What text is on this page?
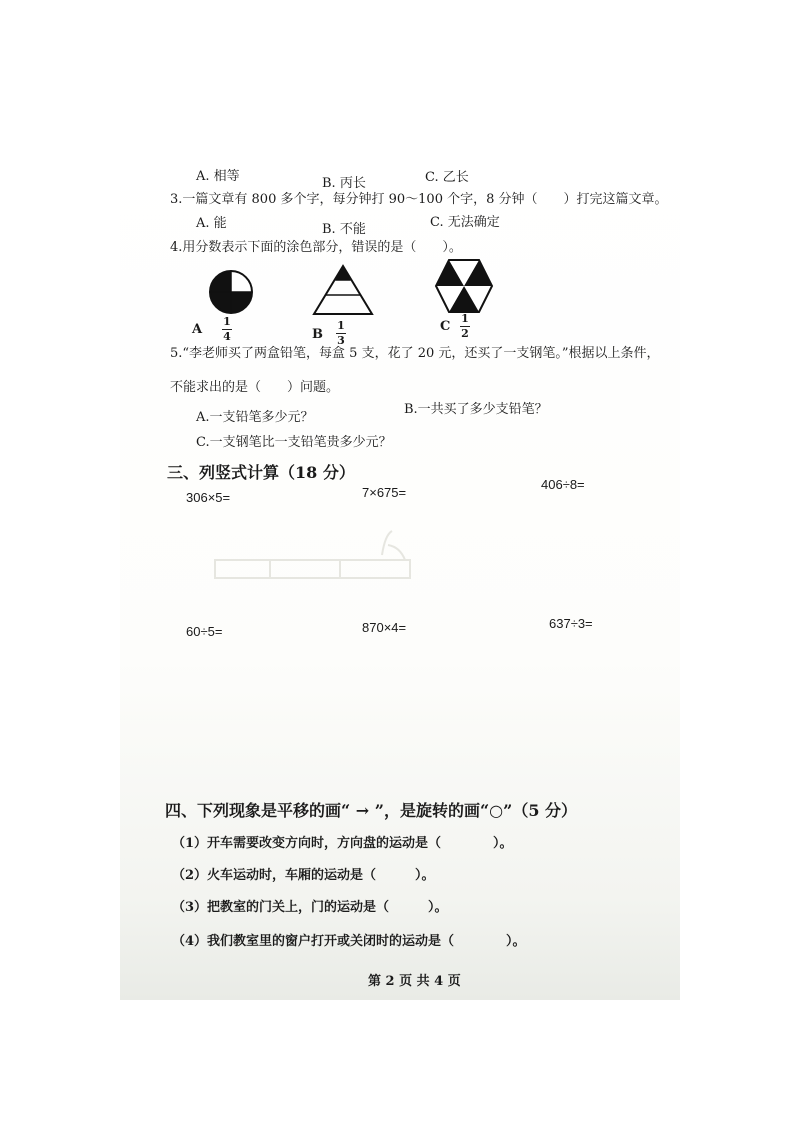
A. 相等	B. 丙长	C. 乙长
3.一篇文章有 800 多个字，每分钟打 90～100 个字，8 分钟（　　）打完这篇文章。
A. 能	B. 不能	C. 无法确定
4.用分数表示下面的涂色部分，错误的是（　　）。
A
1
4	B
1
3
C
1
2
5.“李老师买了两盒铅笔，每盒 5 支，花了 20 元，还买了一支钢笔。”根据以上条件，
不能求出的是（　　）问题。
A.一支铅笔多少元？
B.一共买了多少支铅笔？
C.一支钢笔比一支铅笔贵多少元？
三、列竖式计算（18 分）
306×5=	7×675=
406÷8=
60÷5=	870×4=	637÷3=
四、下列现象是平移的画“ → ”，是旋转的画“○”（5 分）
（1）开车需要改变方向时，方向盘的运动是（　　　　）。
（2）火车运动时，车厢的运动是（　　　）。
（3）把教室的门关上，门的运动是（　　　）。
（4）我们教室里的窗户打开或关闭时的运动是（　　　　）。
第 2 页 共 4 页
